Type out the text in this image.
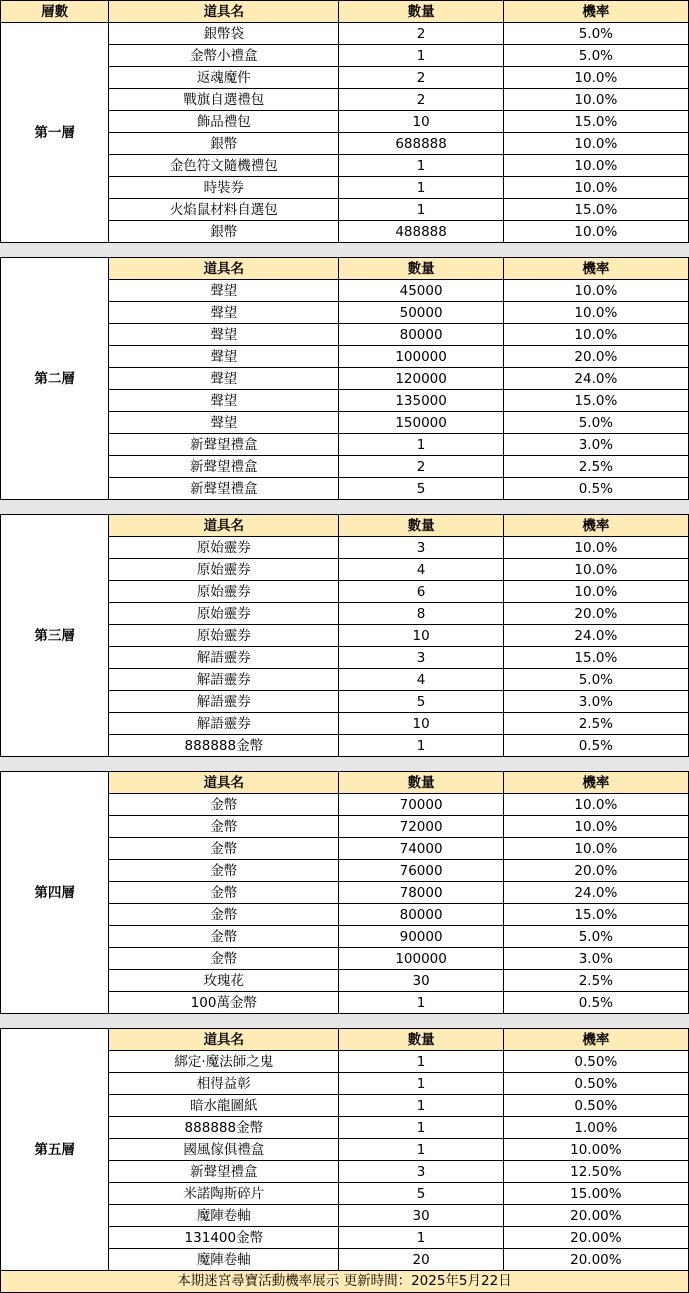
層數	道具名	數量	機率
第一層	銀幣袋	2	5.0%
	金幣小禮盒	1	5.0%
	返魂魔件	2	10.0%
	戰旗自選禮包	2	10.0%
	飾品禮包	10	15.0%
	銀幣	688888	10.0%
	金色符文隨機禮包	1	10.0%
	時裝券	1	10.0%
	火焰鼠材料自選包	1	15.0%
	銀幣	488888	10.0%
第二層	道具名	數量	機率
	聲望	45000	10.0%
	聲望	50000	10.0%
	聲望	80000	10.0%
	聲望	100000	20.0%
	聲望	120000	24.0%
	聲望	135000	15.0%
	聲望	150000	5.0%
	新聲望禮盒	1	3.0%
	新聲望禮盒	2	2.5%
	新聲望禮盒	5	0.5%
第三層	道具名	數量	機率
	原始靈券	3	10.0%
	原始靈券	4	10.0%
	原始靈券	6	10.0%
	原始靈券	8	20.0%
	原始靈券	10	24.0%
	解語靈券	3	15.0%
	解語靈券	4	5.0%
	解語靈券	5	3.0%
	解語靈券	10	2.5%
	888888金幣	1	0.5%
第四層	道具名	數量	機率
	金幣	70000	10.0%
	金幣	72000	10.0%
	金幣	74000	10.0%
	金幣	76000	20.0%
	金幣	78000	24.0%
	金幣	80000	15.0%
	金幣	90000	5.0%
	金幣	100000	3.0%
	玫瑰花	30	2.5%
	100萬金幣	1	0.5%
第五層	道具名	數量	機率
	綁定·魔法師之鬼	1	0.50%
	相得益彰	1	0.50%
	暗水龍圖紙	1	0.50%
	888888金幣	1	1.00%
	國風傢俱禮盒	1	10.00%
	新聲望禮盒	3	12.50%
	米諾陶斯碎片	5	15.00%
	魔陣卷軸	30	20.00%
	131400金幣	1	20.00%
	魔陣卷軸	20	20.00%
本期迷宮尋寶活動機率展示 更新時間：2025年5月22日
